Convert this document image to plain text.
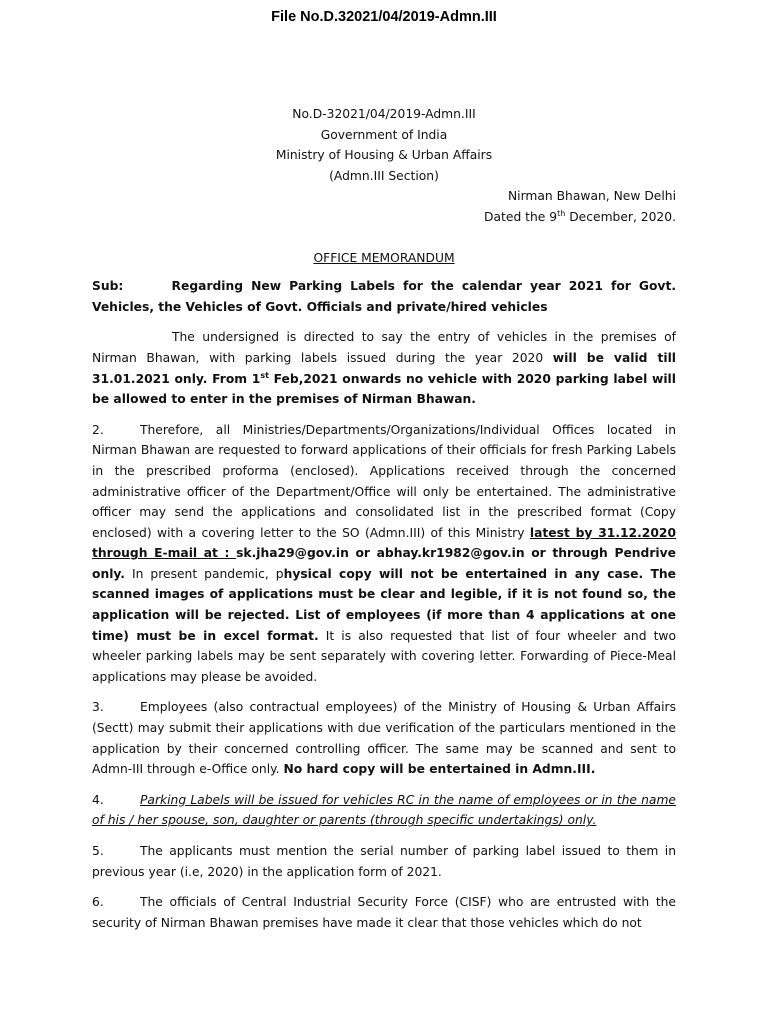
File No.D.32021/04/2019-Admn.III
No.D-32021/04/2019-Admn.III
Government of India
Ministry of Housing & Urban Affairs
(Admn.III Section)
Nirman Bhawan, New Delhi
Dated the 9th December, 2020.
OFFICE MEMORANDUM
Sub:	Regarding New Parking Labels for the calendar year 2021 for Govt. Vehicles, the Vehicles of Govt. Officials and private/hired vehicles

The undersigned is directed to say the entry of vehicles in the premises of Nirman Bhawan, with parking labels issued during the year 2020 will be valid till 31.01.2021 only. From 1st Feb,2021 onwards no vehicle with 2020 parking label will be allowed to enter in the premises of Nirman Bhawan.

2.	Therefore, all Ministries/Departments/Organizations/Individual Offices located in Nirman Bhawan are requested to forward applications of their officials for fresh Parking Labels in the prescribed proforma (enclosed). Applications received through the concerned administrative officer of the Department/Office will only be entertained. The administrative officer may send the applications and consolidated list in the prescribed format (Copy enclosed) with a covering letter to the SO (Admn.III) of this Ministry latest by 31.12.2020 through E-mail at : sk.jha29@gov.in or abhay.kr1982@gov.in or through Pendrive only. In present pandemic, physical copy will not be entertained in any case. The scanned images of applications must be clear and legible, if it is not found so, the application will be rejected. List of employees (if more than 4 applications at one time) must be in excel format. It is also requested that list of four wheeler and two wheeler parking labels may be sent separately with covering letter. Forwarding of Piece-Meal applications may please be avoided.

3.	Employees (also contractual employees) of the Ministry of Housing & Urban Affairs (Sectt) may submit their applications with due verification of the particulars mentioned in the application by their concerned controlling officer. The same may be scanned and sent to Admn-III through e-Office only. No hard copy will be entertained in Admn.III.

4.	Parking Labels will be issued for vehicles RC in the name of employees or in the name of his / her spouse, son, daughter or parents (through specific undertakings) only.

5.	The applicants must mention the serial number of parking label issued to them in previous year (i.e, 2020) in the application form of 2021.

6.	The officials of Central Industrial Security Force (CISF) who are entrusted with the security of Nirman Bhawan premises have made it clear that those vehicles which do not
